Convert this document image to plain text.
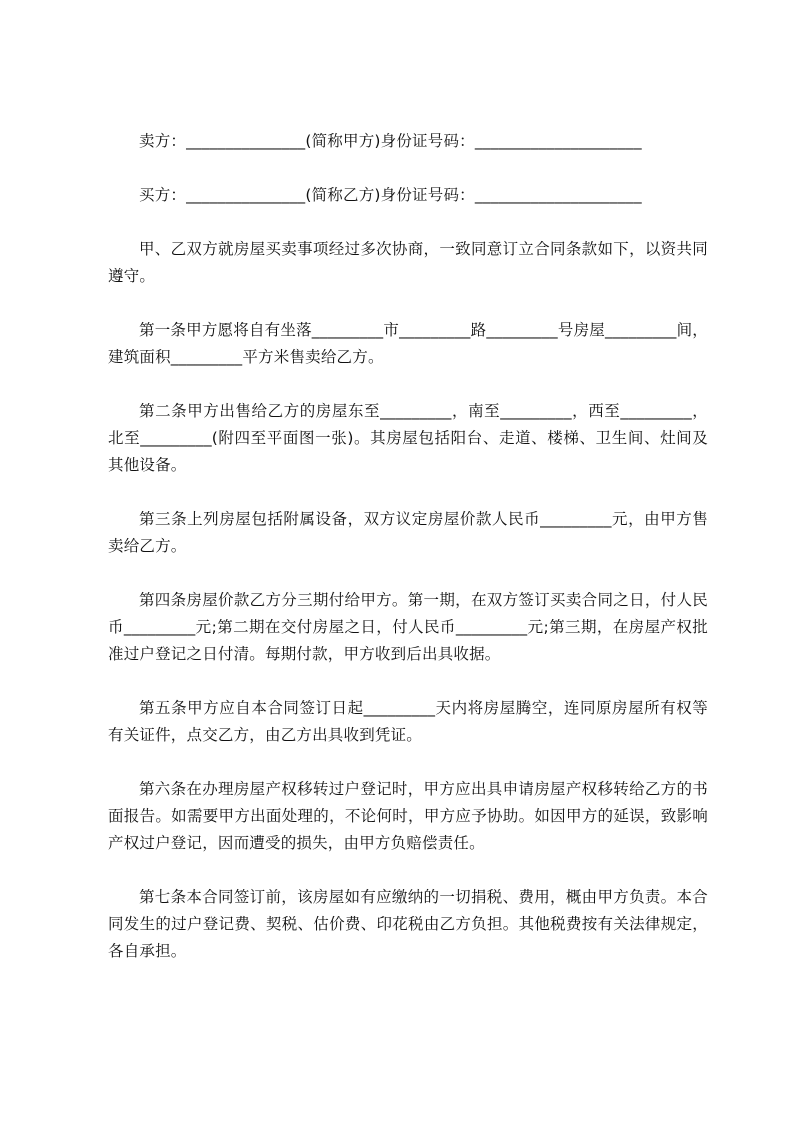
卖方：_______________(简称甲方)身份证号码：_____________________

买方：_______________(简称乙方)身份证号码：_____________________

甲、乙双方就房屋买卖事项经过多次协商，一致同意订立合同条款如下，以资共同遵守。

第一条甲方愿将自有坐落_________市_________路_________号房屋_________间，建筑面积_________平方米售卖给乙方。

第二条甲方出售给乙方的房屋东至_________，南至_________，西至_________，北至_________(附四至平面图一张)。其房屋包括阳台、走道、楼梯、卫生间、灶间及其他设备。

第三条上列房屋包括附属设备，双方议定房屋价款人民币_________元，由甲方售卖给乙方。

第四条房屋价款乙方分三期付给甲方。第一期，在双方签订买卖合同之日，付人民币_________元;第二期在交付房屋之日，付人民币_________元;第三期，在房屋产权批准过户登记之日付清。每期付款，甲方收到后出具收据。

第五条甲方应自本合同签订日起_________天内将房屋腾空，连同原房屋所有权等有关证件，点交乙方，由乙方出具收到凭证。

第六条在办理房屋产权移转过户登记时，甲方应出具申请房屋产权移转给乙方的书面报告。如需要甲方出面处理的，不论何时，甲方应予协助。如因甲方的延误，致影响产权过户登记，因而遭受的损失，由甲方负赔偿责任。

第七条本合同签订前，该房屋如有应缴纳的一切捐税、费用，概由甲方负责。本合同发生的过户登记费、契税、估价费、印花税由乙方负担。其他税费按有关法律规定，各自承担。
